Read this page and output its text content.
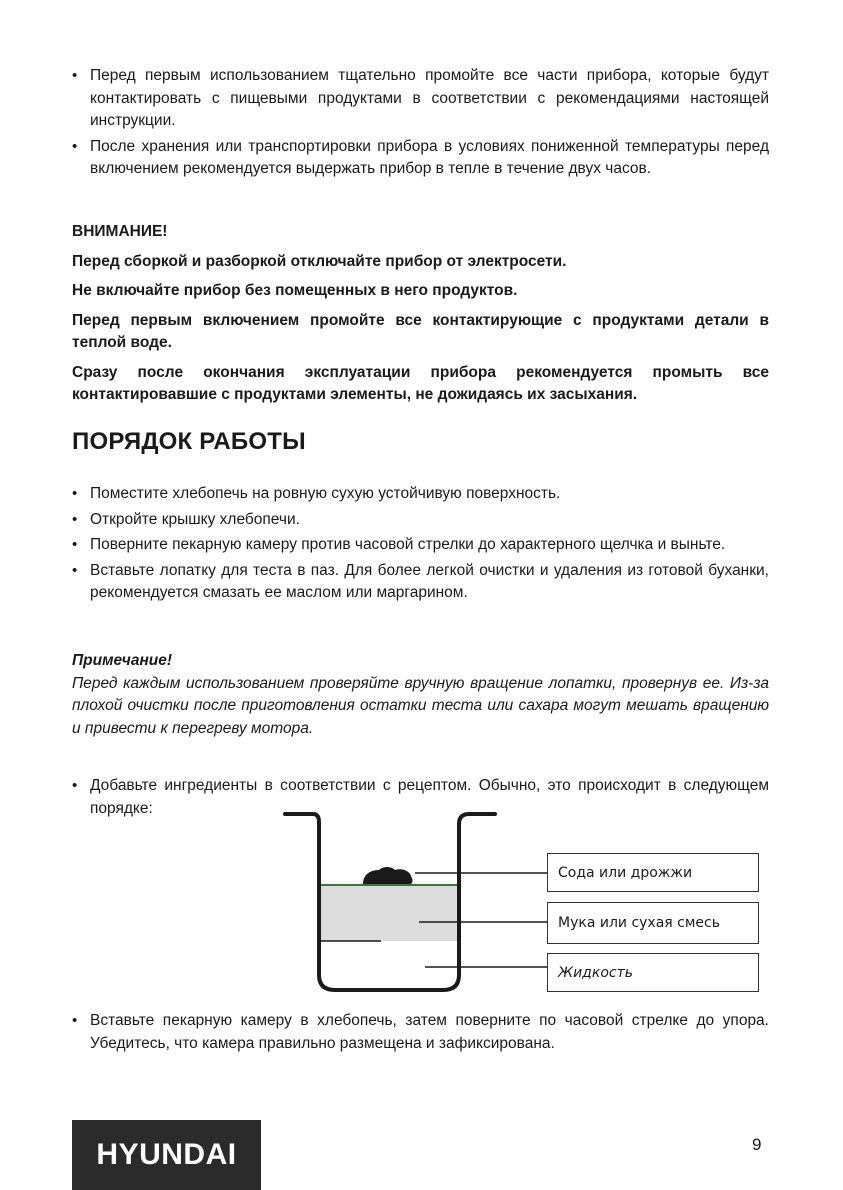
• Перед первым использованием тщательно промойте все части прибора, которые будут контактировать с пищевыми продуктами в соответствии с рекомендациями настоящей инструкции.
• После хранения или транспортировки прибора в условиях пониженной температуры перед включением рекомендуется выдержать прибор в тепле в течение двух часов.

ВНИМАНИЕ!

Перед сборкой и разборкой отключайте прибор от электросети.

Не включайте прибор без помещенных в него продуктов.

Перед первым включением промойте все контактирующие с продуктами детали в теплой воде.

Сразу после окончания эксплуатации прибора рекомендуется промыть все контактировавшие с продуктами элементы, не дожидаясь их засыхания.

ПОРЯДОК РАБОТЫ
• Поместите хлебопечь на ровную сухую устойчивую поверхность.
• Откройте крышку хлебопечи.
• Поверните пекарную камеру против часовой стрелки до характерного щелчка и выньте.
• Вставьте лопатку для теста в паз. Для более легкой очистки и удаления из готовой буханки, рекомендуется смазать ее маслом или маргарином.

Примечание!

Перед каждым использованием проверяйте вручную вращение лопатки, провернув ее. Из-за плохой очистки после приготовления остатки теста или сахара могут мешать вращению и привести к перегреву мотора.

• Добавьте ингредиенты в соответствии с рецептом. Обычно, это происходит в следующем порядке:
Сода или дрожжи
Мука или сухая смесь
Жидкость
• Вставьте пекарную камеру в хлебопечь, затем поверните по часовой стрелке до упора. Убедитесь, что камера правильно размещена и зафиксирована.
HYUNDAI	9
